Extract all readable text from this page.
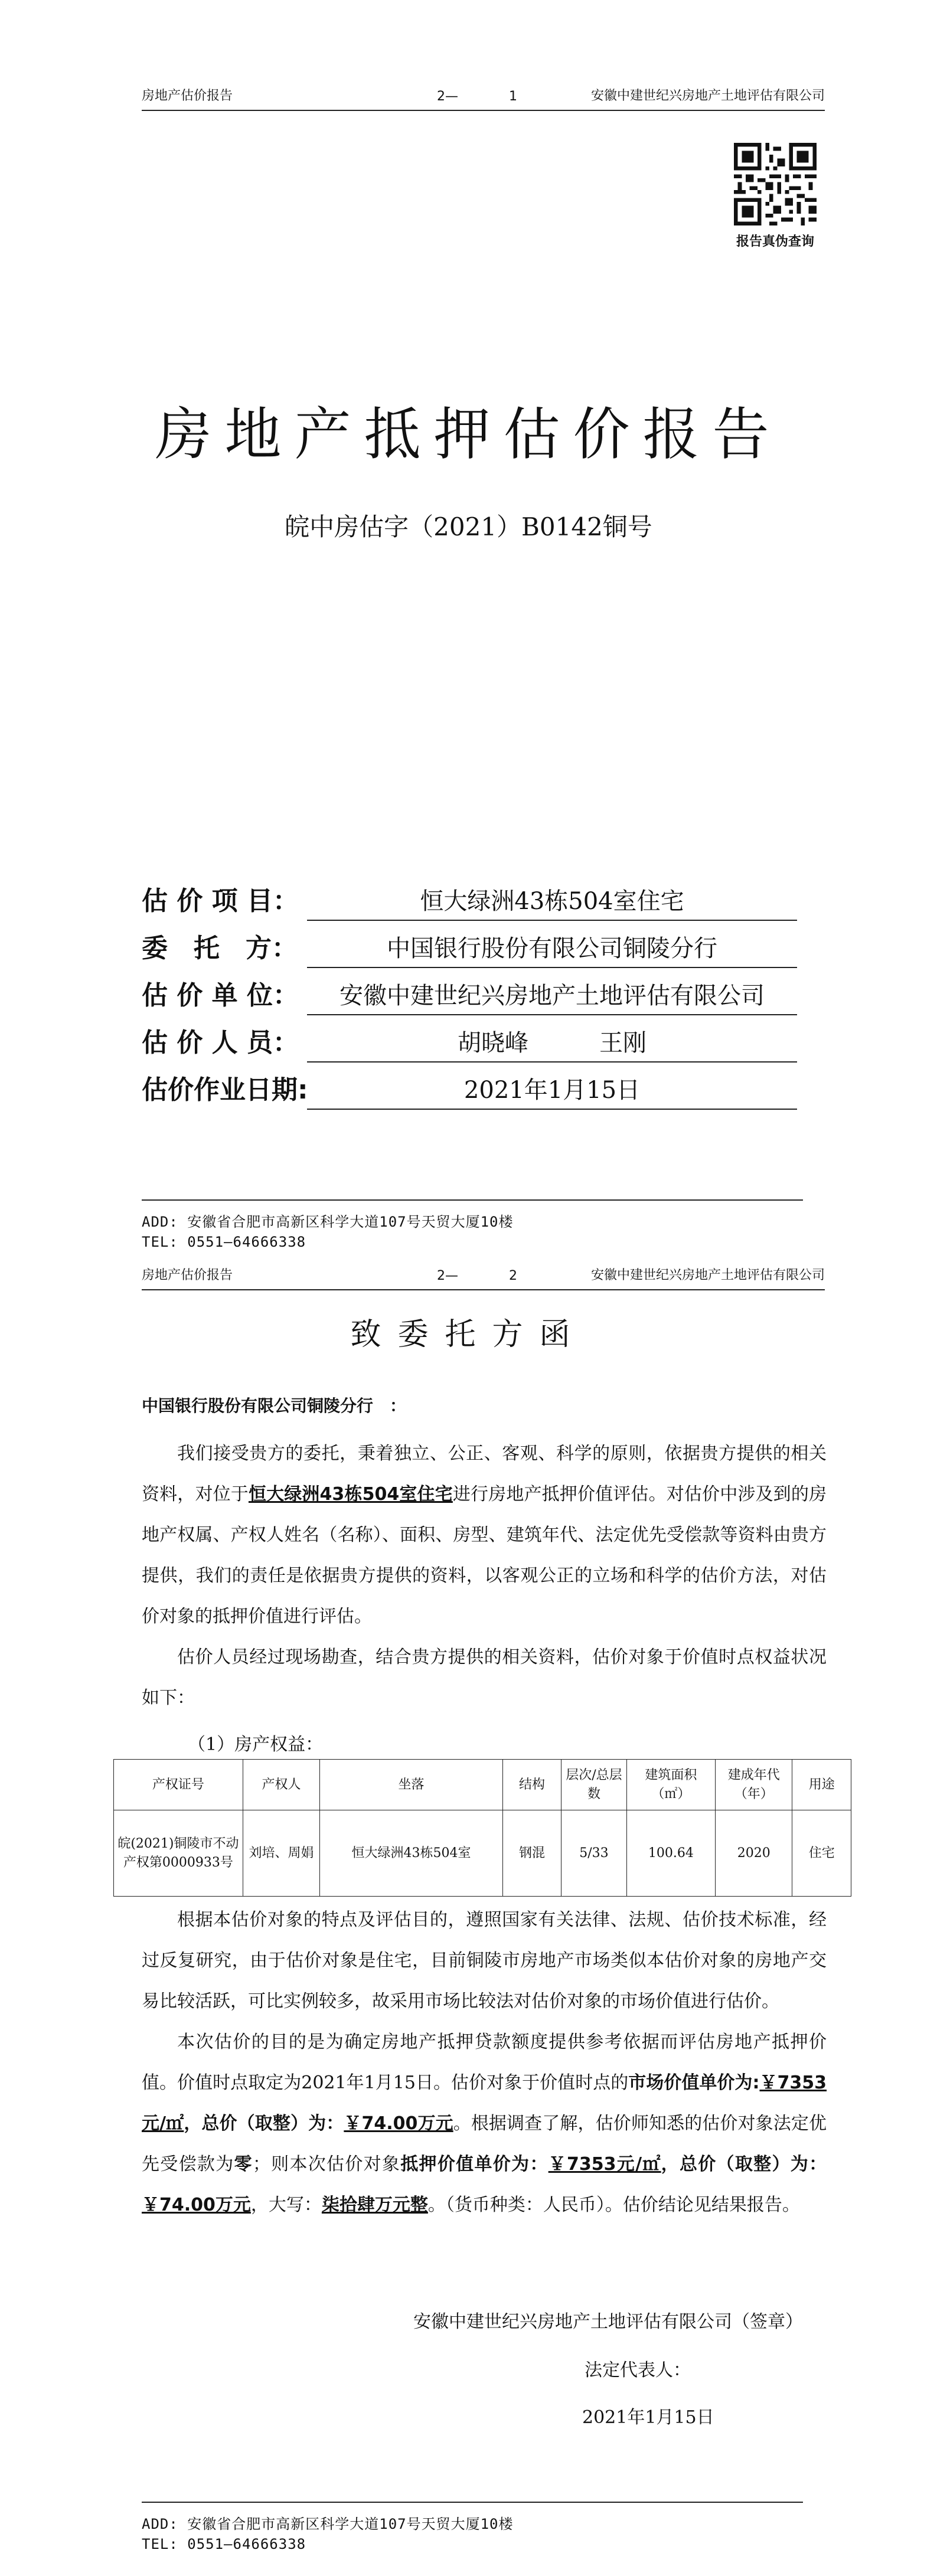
房地产估价报告	2—	1	安徽中建世纪兴房地产土地评估有限公司
报告真伪查询
房地产抵押估价报告
皖中房估字（2021）B0142铜号
估 价 项 目：	恒大绿洲43栋504室住宅
委　托　方：	中国银行股份有限公司铜陵分行
估 价 单 位：	安徽中建世纪兴房地产土地评估有限公司
估 价 人 员：	胡晓峰　　　王刚
估价作业日期:	2021年1月15日
ADD: 安徽省合肥市高新区科学大道107号天贸大厦10楼
TEL: 0551—64666338
房地产估价报告	2—	2	安徽中建世纪兴房地产土地评估有限公司
致委托方函
中国银行股份有限公司铜陵分行　：
我们接受贵方的委托，秉着独立、公正、客观、科学的原则，依据贵方提供的相关资料，对位于恒大绿洲43栋504室住宅进行房地产抵押价值评估。对估价中涉及到的房地产权属、产权人姓名（名称）、面积、房型、建筑年代、法定优先受偿款等资料由贵方提供，我们的责任是依据贵方提供的资料，以客观公正的立场和科学的估价方法，对估价对象的抵押价值进行评估。
估价人员经过现场勘查，结合贵方提供的相关资料，估价对象于价值时点权益状况如下：
（1）房产权益：
产权证号	产权人	坐落	结构	层次/总层数	建筑面积（㎡）	建成年代（年）	用途
皖(2021)铜陵市不动产权第0000933号	刘培、周娟	恒大绿洲43栋504室	钢混	5/33	100.64	2020	住宅
根据本估价对象的特点及评估目的，遵照国家有关法律、法规、估价技术标准，经过反复研究，由于估价对象是住宅，目前铜陵市房地产市场类似本估价对象的房地产交易比较活跃，可比实例较多，故采用市场比较法对估价对象的市场价值进行估价。
本次估价的目的是为确定房地产抵押贷款额度提供参考依据而评估房地产抵押价值。价值时点取定为2021年1月15日。估价对象于价值时点的市场价值单价为:￥7353元/㎡，总价（取整）为：￥74.00万元。根据调查了解，估价师知悉的估价对象法定优先受偿款为零；则本次估价对象抵押价值单价为：￥7353元/㎡，总价（取整）为：￥74.00万元，大写：柒拾肆万元整。（货币种类：人民币）。估价结论见结果报告。
安徽中建世纪兴房地产土地评估有限公司（签章）
法定代表人：
2021年1月15日
ADD: 安徽省合肥市高新区科学大道107号天贸大厦10楼
TEL: 0551—64666338
